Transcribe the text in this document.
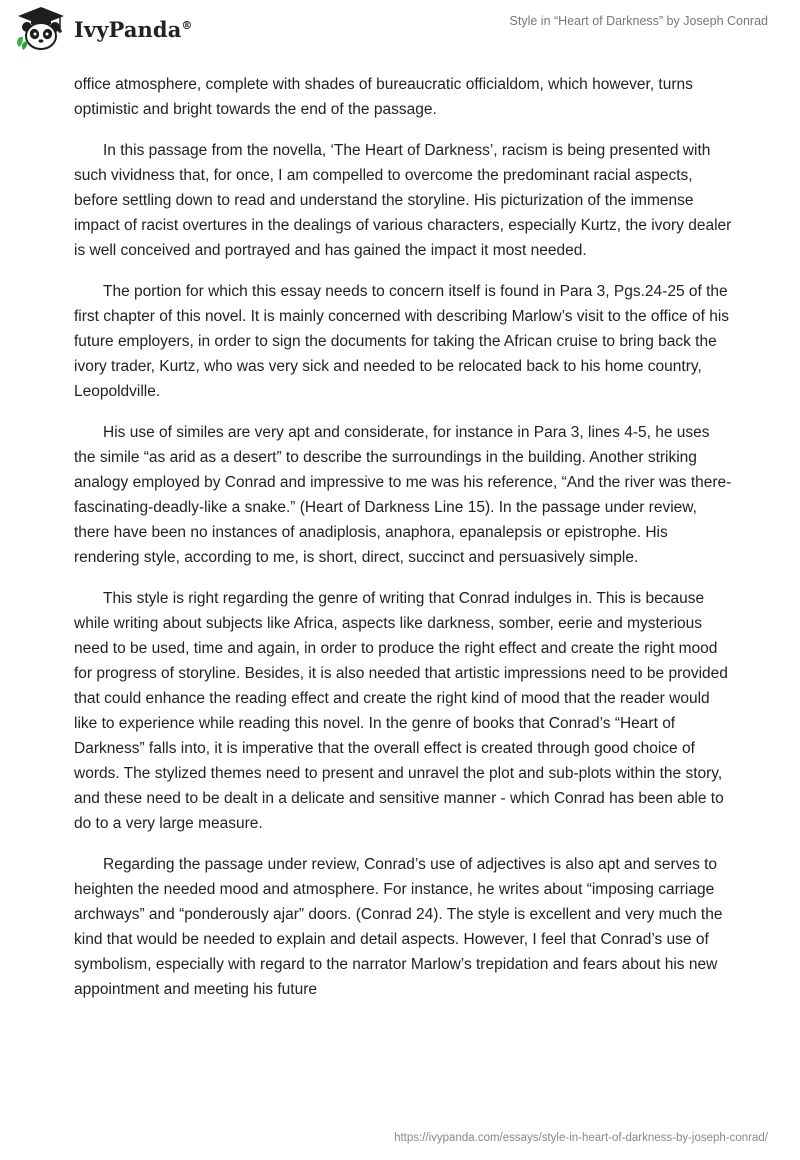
IvyPanda®	Style in “Heart of Darkness” by Joseph Conrad

office atmosphere, complete with shades of bureaucratic officialdom, which however, turns optimistic and bright towards the end of the passage.

In this passage from the novella, ‘The Heart of Darkness’, racism is being presented with such vividness that, for once, I am compelled to overcome the predominant racial aspects, before settling down to read and understand the storyline. His picturization of the immense impact of racist overtures in the dealings of various characters, especially Kurtz, the ivory dealer is well conceived and portrayed and has gained the impact it most needed.

The portion for which this essay needs to concern itself is found in Para 3, Pgs.24-25 of the first chapter of this novel. It is mainly concerned with describing Marlow’s visit to the office of his future employers, in order to sign the documents for taking the African cruise to bring back the ivory trader, Kurtz, who was very sick and needed to be relocated back to his home country, Leopoldville.

His use of similes are very apt and considerate, for instance in Para 3, lines 4-5, he uses the simile “as arid as a desert” to describe the surroundings in the building. Another striking analogy employed by Conrad and impressive to me was his reference, “And the river was there- fascinating-deadly-like a snake.” (Heart of Darkness Line 15). In the passage under review, there have been no instances of anadiplosis, anaphora, epanalepsis or epistrophe. His rendering style, according to me, is short, direct, succinct and persuasively simple.

This style is right regarding the genre of writing that Conrad indulges in. This is because while writing about subjects like Africa, aspects like darkness, somber, eerie and mysterious need to be used, time and again, in order to produce the right effect and create the right mood for progress of storyline. Besides, it is also needed that artistic impressions need to be provided that could enhance the reading effect and create the right kind of mood that the reader would like to experience while reading this novel. In the genre of books that Conrad’s “Heart of Darkness” falls into, it is imperative that the overall effect is created through good choice of words. The stylized themes need to present and unravel the plot and sub-plots within the story, and these need to be dealt in a delicate and sensitive manner - which Conrad has been able to do to a very large measure.

Regarding the passage under review, Conrad’s use of adjectives is also apt and serves to heighten the needed mood and atmosphere. For instance, he writes about “imposing carriage archways” and “ponderously ajar” doors. (Conrad 24). The style is excellent and very much the kind that would be needed to explain and detail aspects. However, I feel that Conrad’s use of symbolism, especially with regard to the narrator Marlow’s trepidation and fears about his new appointment and meeting his future

https://ivypanda.com/essays/style-in-heart-of-darkness-by-joseph-conrad/
